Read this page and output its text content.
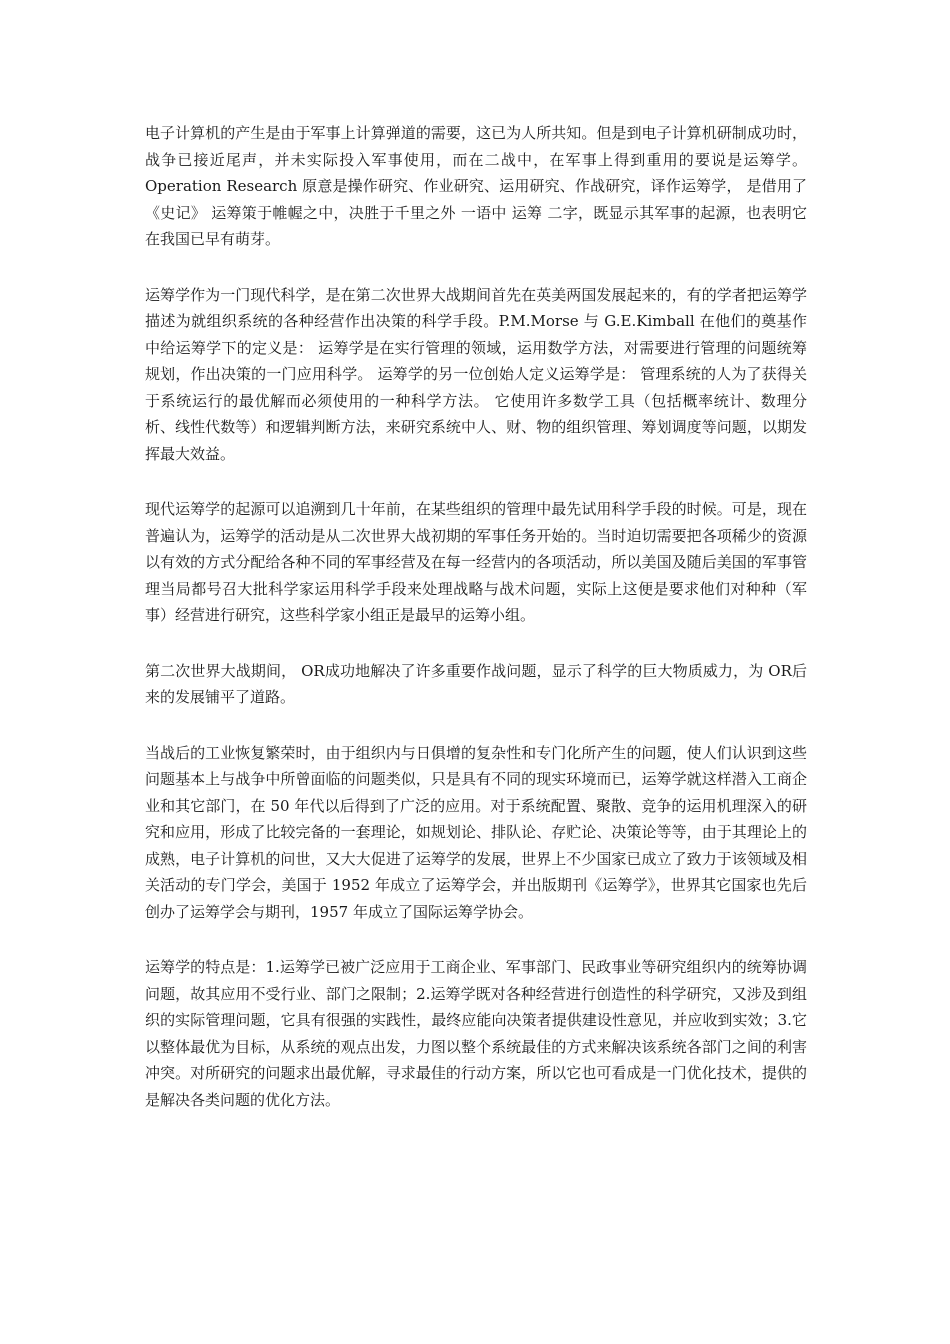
电子计算机的产生是由于军事上计算弹道的需要，这已为人所共知。但是到电子计算机研制成功时，战争已接近尾声，并未实际投入军事使用，而在二战中，在军事上得到重用的要说是运筹学。Operation Research 原意是操作研究、作业研究、运用研究、作战研究，译作运筹学， 是借用了《史记》 运筹策于帷幄之中，决胜于千里之外 一语中 运筹 二字，既显示其军事的起源，也表明它在我国已早有萌芽。

运筹学作为一门现代科学，是在第二次世界大战期间首先在英美两国发展起来的，有的学者把运筹学描述为就组织系统的各种经营作出决策的科学手段。P.M.Morse 与 G.E.Kimball 在他们的奠基作中给运筹学下的定义是： 运筹学是在实行管理的领域，运用数学方法，对需要进行管理的问题统筹规划，作出决策的一门应用科学。 运筹学的另一位创始人定义运筹学是： 管理系统的人为了获得关于系统运行的最优解而必须使用的一种科学方法。 它使用许多数学工具（包括概率统计、数理分析、线性代数等）和逻辑判断方法，来研究系统中人、财、物的组织管理、筹划调度等问题，以期发挥最大效益。

现代运筹学的起源可以追溯到几十年前，在某些组织的管理中最先试用科学手段的时候。可是，现在普遍认为，运筹学的活动是从二次世界大战初期的军事任务开始的。当时迫切需要把各项稀少的资源以有效的方式分配给各种不同的军事经营及在每一经营内的各项活动，所以美国及随后美国的军事管理当局都号召大批科学家运用科学手段来处理战略与战术问题，实际上这便是要求他们对种种（军事）经营进行研究，这些科学家小组正是最早的运筹小组。

第二次世界大战期间， OR成功地解决了许多重要作战问题，显示了科学的巨大物质威力，为 OR后来的发展铺平了道路。

当战后的工业恢复繁荣时，由于组织内与日俱增的复杂性和专门化所产生的问题，使人们认识到这些问题基本上与战争中所曾面临的问题类似，只是具有不同的现实环境而已，运筹学就这样潜入工商企业和其它部门，在 50 年代以后得到了广泛的应用。对于系统配置、聚散、竞争的运用机理深入的研究和应用，形成了比较完备的一套理论，如规划论、排队论、存贮论、决策论等等，由于其理论上的成熟，电子计算机的问世，又大大促进了运筹学的发展，世界上不少国家已成立了致力于该领域及相关活动的专门学会，美国于 1952 年成立了运筹学会，并出版期刊《运筹学》，世界其它国家也先后创办了运筹学会与期刊，1957 年成立了国际运筹学协会。

运筹学的特点是：1.运筹学已被广泛应用于工商企业、军事部门、民政事业等研究组织内的统筹协调问题，故其应用不受行业、部门之限制；2.运筹学既对各种经营进行创造性的科学研究，又涉及到组织的实际管理问题，它具有很强的实践性，最终应能向决策者提供建设性意见，并应收到实效；3.它以整体最优为目标，从系统的观点出发，力图以整个系统最佳的方式来解决该系统各部门之间的利害冲突。对所研究的问题求出最优解，寻求最佳的行动方案，所以它也可看成是一门优化技术，提供的是解决各类问题的优化方法。
